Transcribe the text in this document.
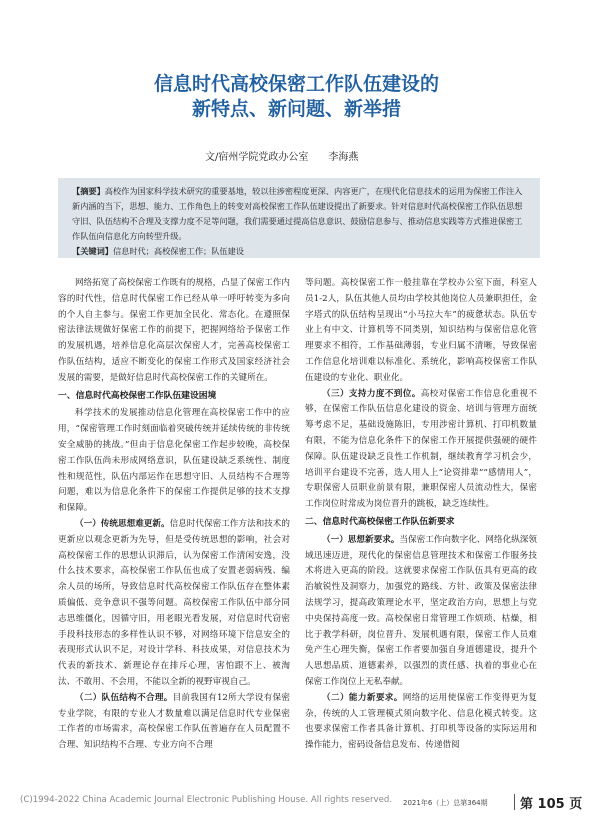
信息时代高校保密工作队伍建设的
新特点、新问题、新举措
文/宿州学院党政办公室 李海燕

【摘要】高校作为国家科学技术研究的重要基地，较以往涉密程度更深、内容更广，在现代化信息技术的运用为保密工作注入新内涵的当下，思想、能力、工作角色上的转变对高校保密工作队伍建设提出了新要求。针对信息时代高校保密工作队伍思想守旧、队伍结构不合理及支撑力度不足等问题，我们需要通过提高信息意识、鼓励信息参与、推动信息实践等方式推进保密工作队伍向信息化方向转型升级。

【关键词】信息时代；高校保密工作；队伍建设

网络拓宽了高校保密工作既有的规格，凸显了保密工作内容的时代性，信息时代保密工作已经从单一呼吁转变为多向的个人自主参与。保密工作更加全民化、常态化。在遵照保密法律法规做好保密工作的前提下，把握网络给予保密工作的发展机遇，培养信息化高层次保密人才，完善高校保密工作队伍结构，适应不断变化的保密工作形式及国家经济社会发展的需要，是做好信息时代高校保密工作的关键所在。

一、信息时代高校保密工作队伍建设困境

科学技术的发展推动信息化管理在高校保密工作中的应用，“保密管理工作时刻面临着突破传统并延续传统的非传统安全威胁的挑战。”但由于信息化保密工作起步较晚，高校保密工作队伍尚未形成网络意识，队伍建设缺乏系统性、制度性和规范性，队伍内部运作在思想守旧、人员结构不合理等问题，难以为信息化条件下的保密工作提供足够的技术支撑和保障。

（一）传统思想难更新。信息时代保密工作方法和技术的更新应以观念更新为先导，但是受传统思想的影响，社会对高校保密工作的思想认识滞后，认为保密工作清闲安逸，没什么技术要求，高校保密工作队伍也成了安置老弱病残、编余人员的场所，导致信息时代高校保密工作队伍存在整体素质偏低、竞争意识不强等问题。高校保密工作队伍中部分同志思维僵化，因循守旧，用老眼光看发展，对信息时代窃密手段科技形态的多样性认识不够，对网络环境下信息安全的表现形式认识不足，对设计学科、科技成果，对信息技术为代表的新技术、新理论存在排斥心理，害怕跟不上、被淘汰、不敢用、不会用，不能以全新的视野审视自己。

（二）队伍结构不合理。目前我国有12所大学设有保密专业学院，有限的专业人才数量难以满足信息时代专业保密工作者的市场需求，高校保密工作队伍普遍存在人员配置不合理、知识结构不合理、专业方向不合理

等问题。高校保密工作一般挂靠在学校办公室下面，科室人员1-2人，队伍其他人员均由学校其他岗位人员兼职担任，金字塔式的队伍结构呈现出“小马拉大车”的疲惫状态。队伍专业上有中文、计算机等不同类别，知识结构与保密信息化管理要求不相符，工作基础薄弱，专业归属不清晰，导致保密工作信息化培训难以标准化、系统化，影响高校保密工作队伍建设的专业化、职业化。

（三）支持力度不到位。高校对保密工作信息化重视不够，在保密工作队伍信息化建设的资金、培训与管理方面统筹考虑不足，基础设施陈旧，专用涉密计算机、打印机数量有限，不能为信息化条件下的保密工作开展提供强硬的硬件保障。队伍建设缺乏良性工作机制，继续教育学习机会少，培训平台建设不完善，选人用人上“论资排辈”“感情用人”，专职保密人员职业前景有限，兼职保密人员流动性大，保密工作岗位时常成为岗位晋升的跳板，缺乏连续性。

二、信息时代高校保密工作队伍新要求

（一）思想新要求。当保密工作向数字化、网络化纵深领域迅速迈进，现代化的保密信息管理技术和保密工作服务技术将进入更高的阶段。这就要求保密工作队伍具有更高的政治敏锐性及洞察力，加强党的路线、方针、政策及保密法律法规学习，提高政策理论水平，坚定政治方向，思想上与党中央保持高度一致。高校保密日常管理工作烦琐、枯燥，相比于教学科研，岗位晋升、发展机遇有限，保密工作人员难免产生心理失衡，保密工作者要加强自身道德建设，提升个人思想品质、道德素养，以强烈的责任感、执着的事业心在保密工作岗位上无私奉献。

（二）能力新要求。网络的运用使保密工作变得更为复杂，传统的人工管理模式须向数字化、信息化模式转变。这也要求保密工作者具备计算机、打印机等设备的实际运用和操作能力，密码设备信息发布、传递借阅

(C)1994-2022 China Academic Journal Electronic Publishing House. All rights reserved. 2021年6（上）总第364期 第 105 页
